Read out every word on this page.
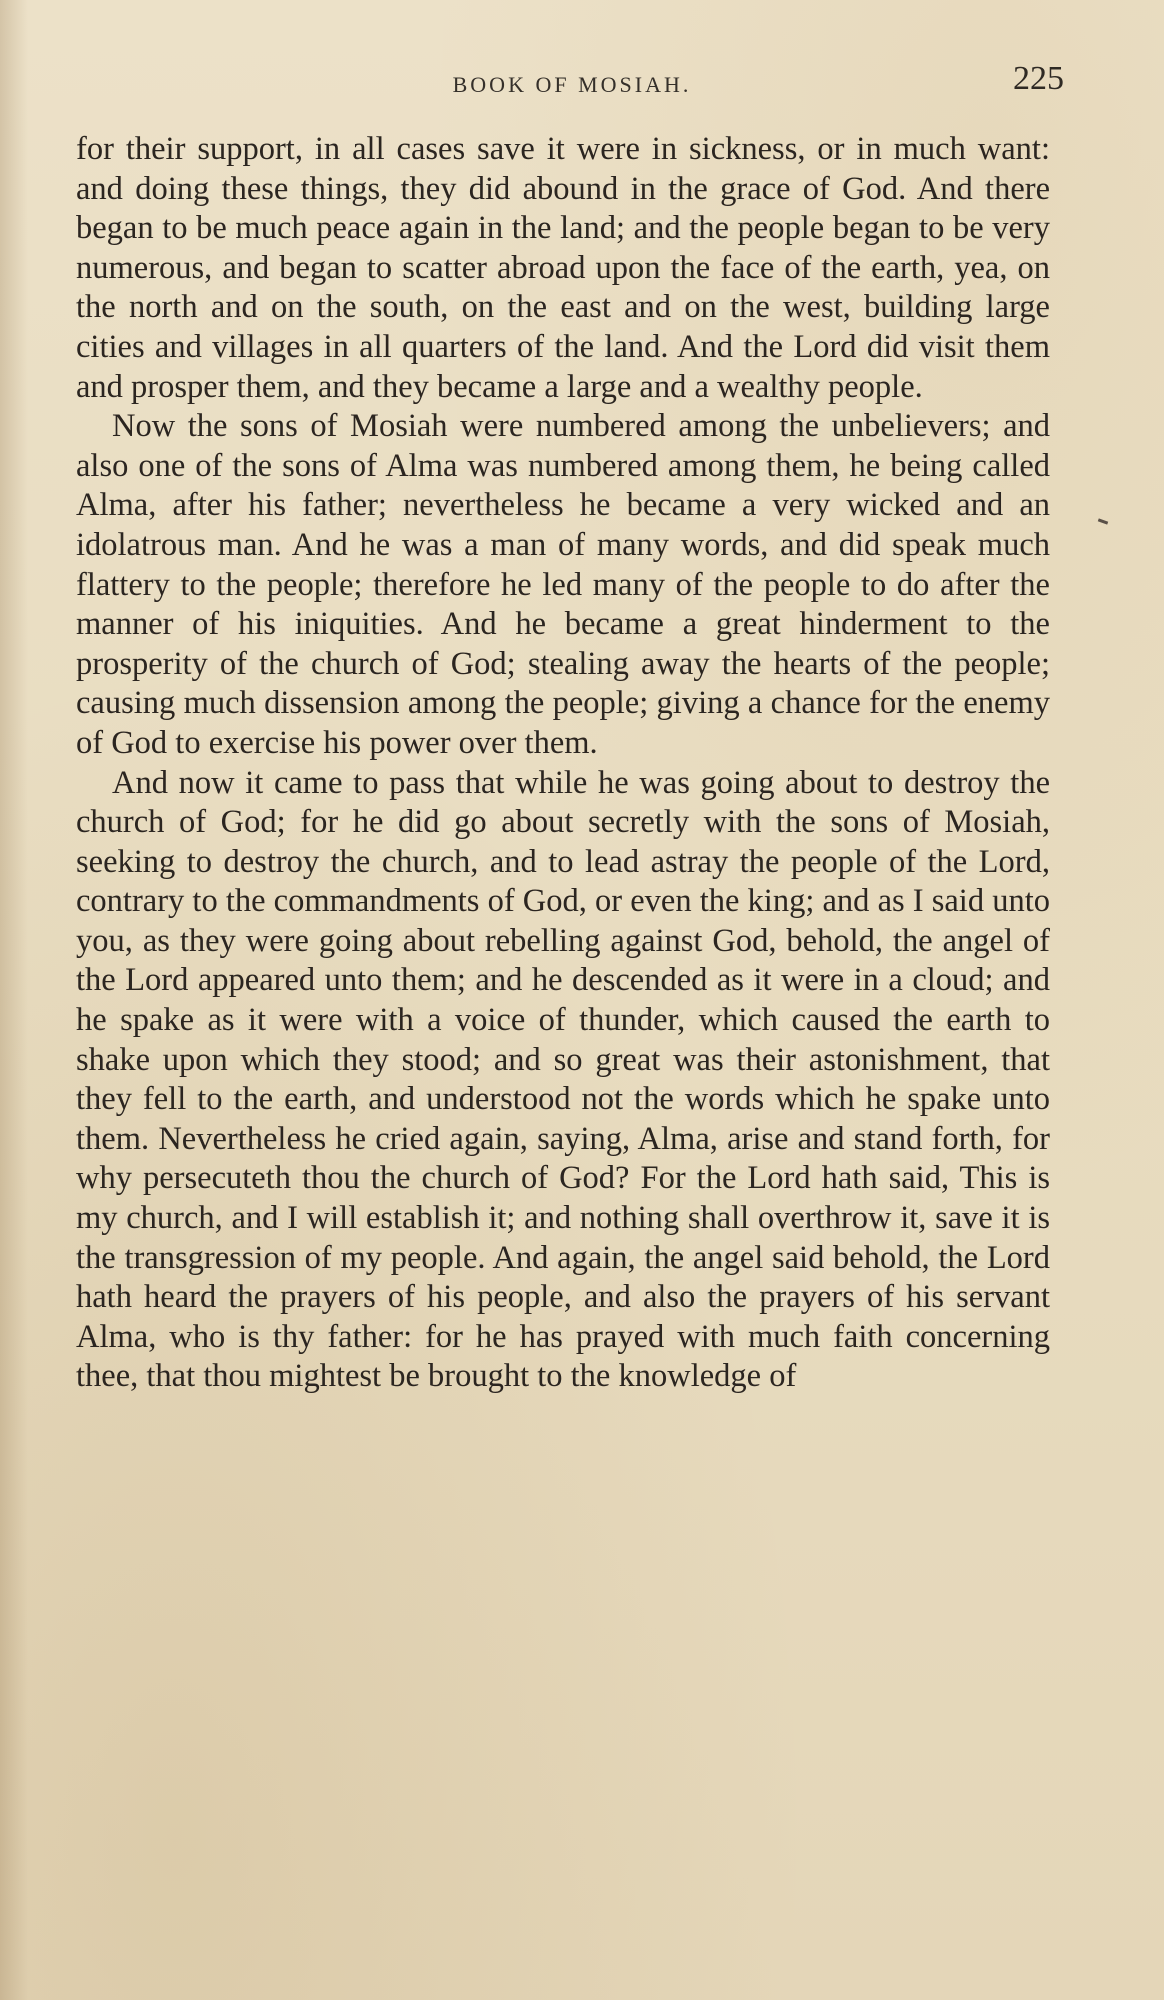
BOOK OF MOSIAH.	225

for their support, in all cases save it were in sickness, or in much want: and doing these things, they did abound in the grace of God. And there began to be much peace again in the land; and the people began to be very numerous, and began to scatter abroad upon the face of the earth, yea, on the north and on the south, on the east and on the west, building large cities and villages in all quarters of the land. And the Lord did visit them and prosper them, and they became a large and a wealthy people.

Now the sons of Mosiah were numbered among the unbelievers; and also one of the sons of Alma was numbered among them, he being called Alma, after his father; nevertheless he became a very wicked and an idolatrous man. And he was a man of many words, and did speak much flattery to the people; therefore he led many of the people to do after the manner of his iniquities. And he became a great hinderment to the prosperity of the church of God; stealing away the hearts of the people; causing much dissension among the people; giving a chance for the enemy of God to exercise his power over them.

And now it came to pass that while he was going about to destroy the church of God; for he did go about secretly with the sons of Mosiah, seeking to destroy the church, and to lead astray the people of the Lord, contrary to the commandments of God, or even the king; and as I said unto you, as they were going about rebelling against God, behold, the angel of the Lord appeared unto them; and he descended as it were in a cloud; and he spake as it were with a voice of thunder, which caused the earth to shake upon which they stood; and so great was their astonishment, that they fell to the earth, and understood not the words which he spake unto them. Nevertheless he cried again, saying, Alma, arise and stand forth, for why persecuteth thou the church of God? For the Lord hath said, This is my church, and I will establish it; and nothing shall overthrow it, save it is the transgression of my people. And again, the angel said behold, the Lord hath heard the prayers of his people, and also the prayers of his servant Alma, who is thy father: for he has prayed with much faith concerning thee, that thou mightest be brought to the knowledge of
